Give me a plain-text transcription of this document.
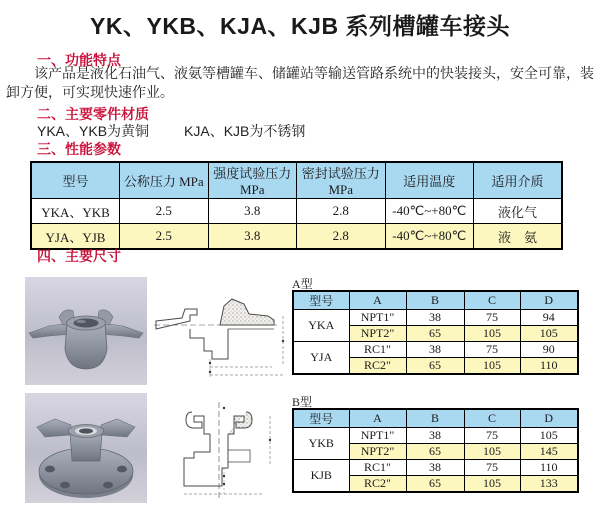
YK、YKB、KJA、KJB 系列槽罐车接头
一、功能特点
该产品是液化石油气、液氨等槽罐车、储罐站等输送管路系统中的快装接头，安全可靠，装卸方便，可实现快速作业。
二、主要零件材质
YKA、YKB为黄铜	KJA、KJB为不锈钢
三、性能参数
型号	公称压力 MPa	强度试验压力MPa	密封试验压力MPa	适用温度	适用介质
YKA、YKB	2.5	3.8	2.8	-40℃~+80℃	液化气
YJA、YJB	2.5	3.8	2.8	-40℃~+80℃	液　氨
四、主要尺寸
A型
型号	A	B	C	D
YKA	NPT1"	38	75	94
	NPT2"	65	105	105
YJA	RC1"	38	75	90
	RC2"	65	105	110
B型
型号	A	B	C	D
YKB	NPT1"	38	75	105
	NPT2"	65	105	145
KJB	RC1"	38	75	110
	RC2"	65	105	133
